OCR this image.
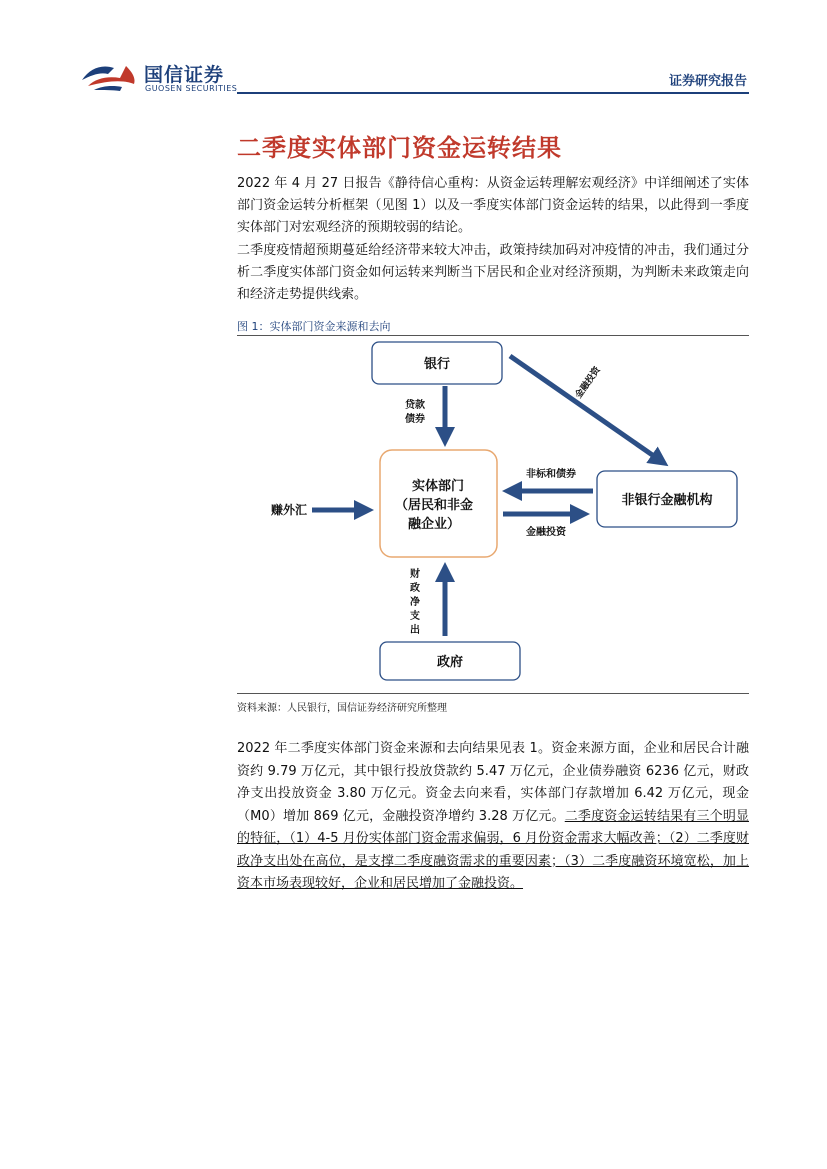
国信证券
GUOSEN SECURITIES	证券研究报告
二季度实体部门资金运转结果
2022 年 4 月 27 日报告《静待信心重构：从资金运转理解宏观经济》中详细阐述了实体部门资金运转分析框架（见图 1）以及一季度实体部门资金运转的结果，以此得到一季度实体部门对宏观经济的预期较弱的结论。
二季度疫情超预期蔓延给经济带来较大冲击，政策持续加码对冲疫情的冲击，我们通过分析二季度实体部门资金如何运转来判断当下居民和企业对经济预期，为判断未来政策走向和经济走势提供线索。
图 1：实体部门资金来源和去向
银行
实体部门
（居民和非金
融企业）
非银行金融机构
政府
赚外汇
贷款
债券
金融投资
非标和债券
金融投资
财
政
净
支
出
资料来源：人民银行，国信证券经济研究所整理
2022 年二季度实体部门资金来源和去向结果见表 1。资金来源方面，企业和居民合计融资约 9.79 万亿元，其中银行投放贷款约 5.47 万亿元，企业债券融资 6236 亿元，财政净支出投放资金 3.80 万亿元。资金去向来看，实体部门存款增加 6.42 万亿元，现金（M0）增加 869 亿元，金融投资净增约 3.28 万亿元。二季度资金运转结果有三个明显的特征，（1）4-5 月份实体部门资金需求偏弱，6 月份资金需求大幅改善；（2）二季度财政净支出处在高位，是支撑二季度融资需求的重要因素；（3）二季度融资环境宽松，加上资本市场表现较好，企业和居民增加了金融投资。
